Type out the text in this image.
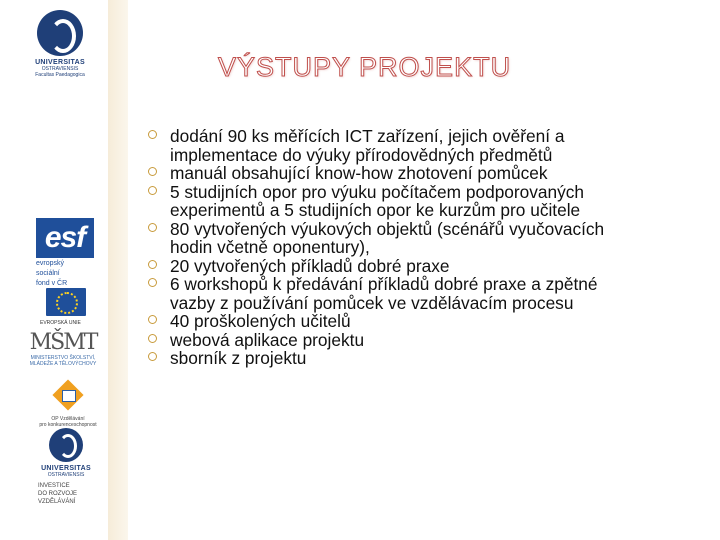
UNIVERSITAS
OSTRAVIENSIS
Facultas Paedagogica
esf
evropský
sociální
fond v ČR
EVROPSKÁ UNIE
MŠMT
MINISTERSTVO ŠKOLSTVÍ, MLÁDEŽE A TĚLOVÝCHOVY
OP Vzdělávání
pro konkurenceschopnost
UNIVERSITAS
OSTRAVIENSIS
INVESTICE
DO ROZVOJE
VZDĚLÁVÁNÍ
VÝSTUPY PROJEKTU
dodání 90 ks měřících ICT zařízení, jejich ověření a implementace do výuky přírodovědných předmětů
manuál obsahující know-how zhotovení pomůcek
5 studijních opor pro výuku počítačem podporovaných experimentů a 5 studijních opor ke kurzům pro učitele
80 vytvořených výukových objektů (scénářů vyučovacích hodin včetně oponentury),
20 vytvořených příkladů dobré praxe
6 workshopů k předávání příkladů dobré praxe a zpětné vazby z používání pomůcek ve vzdělávacím procesu
40 proškolených učitelů
webová aplikace projektu
sborník z projektu
